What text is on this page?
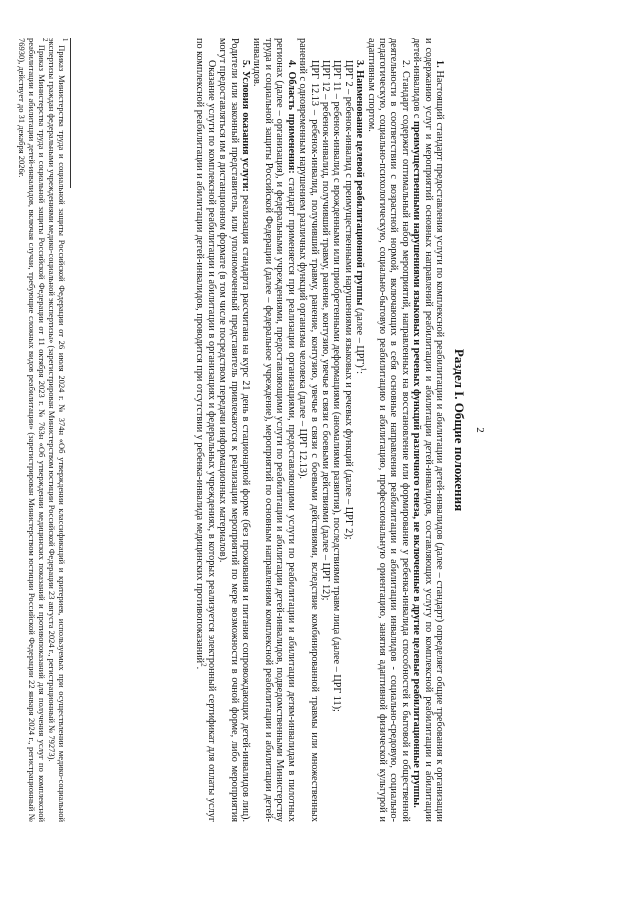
2
Раздел I. Общие положения

1. Настоящий стандарт предоставления услуги по комплексной реабилитации и абилитации детей-инвалидов (далее – стандарт) определяет общие требования к организации и содержанию услуг и мероприятий основных направлений реабилитации и абилитации детей-инвалидов, составляющих услугу по комплексной реабилитации и абилитации детей-инвалидов с преимущественными нарушениями языковых и речевых функций различного генеза, не включенные в другие целевые реабилитационные группы.

2. Стандарт содержит оптимальный набор мероприятий, направленных на восстановление или формирование у ребенка-инвалида способностей к бытовой и общественной деятельности в соответствии с возрастной нормой, включающих в себя основные направления реабилитации и абилитации инвалидов - социально-средовую, социально-педагогическую, социально-психологическую, социально-бытовую реабилитацию и абилитацию, профессиональную ориентацию, занятия адаптивной физической культурой и адаптивным спортом.

3. Наименование целевой реабилитационной группы (далее – ЦРГ)$^1$:

ЦРГ 2 – ребенок-инвалид с преимущественными нарушениями языковых и речевых функций (далее – ЦРГ 2);

ЦРГ 11 – ребенок-инвалид с врожденными или приобретенными деформациями (аномалиями развития), последствиями травм лица (далее – ЦРГ 11);

ЦРГ 12 – ребенок-инвалид, получивший травму, ранение, контузию, увечье в связи с боевыми действиями (далее – ЦРГ 12);

ЦРГ 12.13 – ребенок-инвалид, получивший травму, ранение, контузию, увечье в связи с боевыми действиями, вследствие комбинированной травмы или множественных ранений с одновременным нарушением различных функций организма человека (далее – ЦРГ 12.13).

4. Область применения: стандарт применяется при реализации организациями, предоставляющими услуги по реабилитации и абилитации детям-инвалидам в пилотных регионах (далее – организация), и федеральными учреждениями, предоставляющими услуги по реабилитации и абилитации детей-инвалидов, подведомственными Министерству труда и социальной защиты Российской Федерации (далее – федеральное учреждение), мероприятий по основным направлениям комплексной реабилитации и абилитации детей-инвалидов.

5. Условия оказания услуги: реализация стандарта рассчитана на курс 21 день в стационарной форме (без проживания и питания сопровождающих детей-инвалидов лиц). Родители или законный представитель, или уполномоченный представитель привлекаются к реализации мероприятий по мере возможности в очной форме, либо мероприятия могут предоставляться им в дистанционном формате (в том числе посредством передачи информационных материалов).

Оказание услуги по комплексной реабилитации и абилитации в организациях и федеральных учреждениях, в которых реализуется электронный сертификат для оплаты услуг по комплексной реабилитации и абилитации детей-инвалидов, проводится при отсутствии у ребенка-инвалида медицинских противопоказаний$^2$.

$^1$ Приказ Министерства труда и социальной защиты Российской Федерации от 26 июля 2024 г. № 374н «Об утверждении классификаций и критериев, используемых при осуществлении медико-социальной экспертизы граждан федеральными учреждениями медико-социальной экспертизы» (зарегистрирован Министерством юстиции Российской Федерации 23 августа 2024 г., регистрационный № 79273).

$^2$ Приказ Министерства труда и социальной защиты Российской Федерации от 11 октября 2023 г. № 763н «Об утверждении медицинских показаний и противопоказаний для получения услуг по комплексной реабилитации и абилитации детей-инвалидов, включая случаи, требующие сложных видов реабилитации» (зарегистрирован Министерством юстиции Российской Федерации 22 января 2024 г., регистрационный № 76930), действует до 31 декабря 2026г.
